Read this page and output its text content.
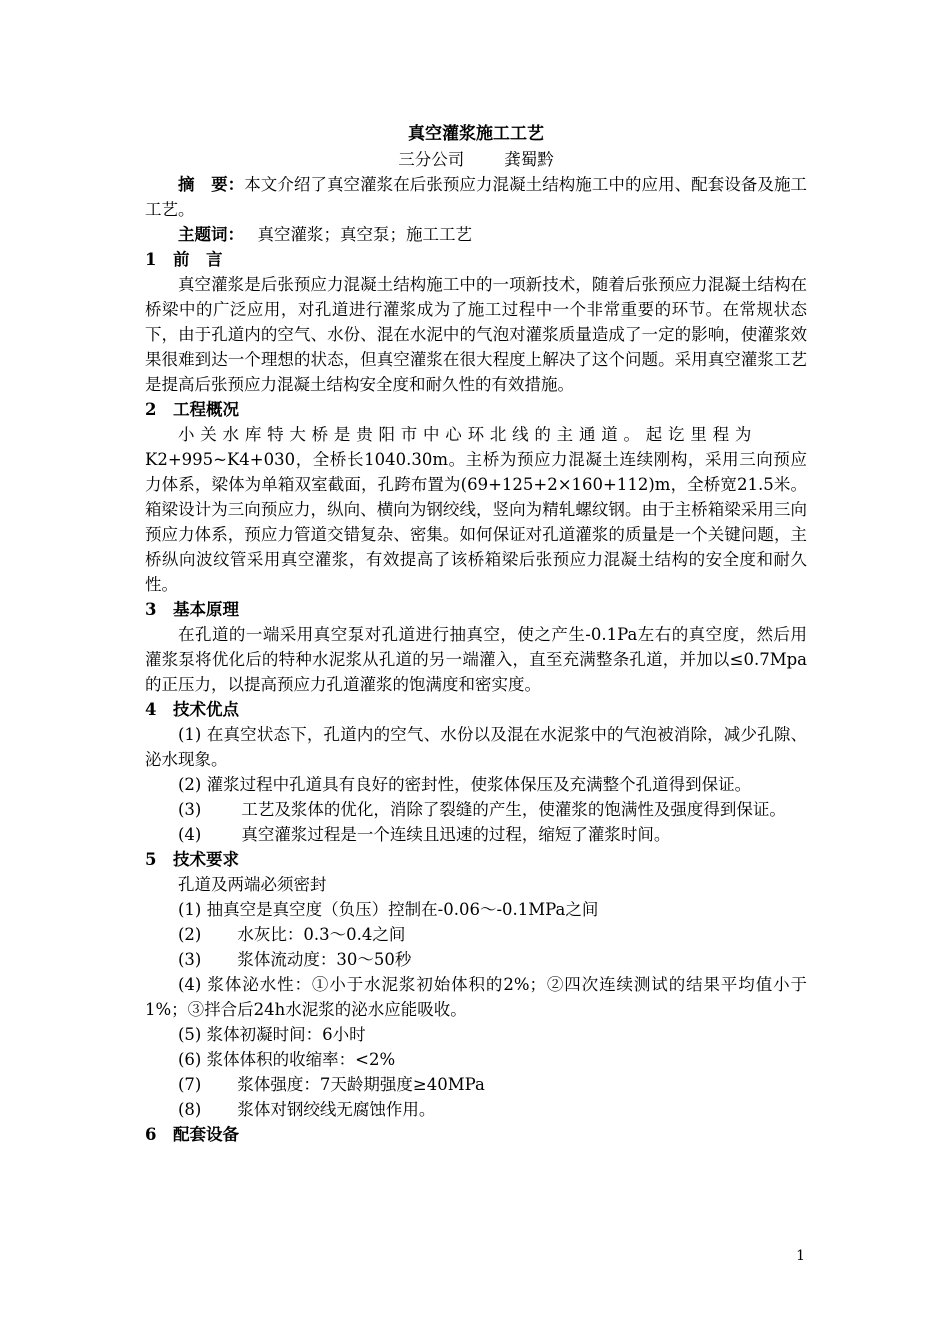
真空灌浆施工工艺
三分公司 龚蜀黔

摘　要：本文介绍了真空灌浆在后张预应力混凝土结构施工中的应用、配套设备及施工工艺。

主题词：　 真空灌浆；真空泵；施工工艺

1 前　言

真空灌浆是后张预应力混凝土结构施工中的一项新技术，随着后张预应力混凝土结构在桥梁中的广泛应用，对孔道进行灌浆成为了施工过程中一个非常重要的环节。在常规状态下，由于孔道内的空气、水份、混在水泥中的气泡对灌浆质量造成了一定的影响，使灌浆效果很难到达一个理想的状态，但真空灌浆在很大程度上解决了这个问题。采用真空灌浆工艺是提高后张预应力混凝土结构安全度和耐久性的有效措施。

2 工程概况

小关水库特大桥是贵阳市中心环北线的主通道。起讫里程为

K2+995~K4+030，全桥长1040.30m。主桥为预应力混凝土连续刚构，采用三向预应力体系，梁体为单箱双室截面，孔跨布置为(69+125+2×160+112)m，全桥宽21.5米。箱梁设计为三向预应力，纵向、横向为钢绞线，竖向为精轧螺纹钢。由于主桥箱梁采用三向预应力体系，预应力管道交错复杂、密集。如何保证对孔道灌浆的质量是一个关键问题，主桥纵向波纹管采用真空灌浆，有效提高了该桥箱梁后张预应力混凝土结构的安全度和耐久性。

3 基本原理

在孔道的一端采用真空泵对孔道进行抽真空，使之产生-0.1Pa左右的真空度，然后用灌浆泵将优化后的特种水泥浆从孔道的另一端灌入，直至充满整条孔道，并加以≤0.7Mpa的正压力，以提高预应力孔道灌浆的饱满度和密实度。

4 技术优点

(1) 在真空状态下，孔道内的空气、水份以及混在水泥浆中的气泡被消除，减少孔隙、泌水现象。

(2) 灌浆过程中孔道具有良好的密封性，使浆体保压及充满整个孔道得到保证。

(3) 工艺及浆体的优化，消除了裂缝的产生，使灌浆的饱满性及强度得到保证。

(4) 真空灌浆过程是一个连续且迅速的过程，缩短了灌浆时间。

5 技术要求

孔道及两端必须密封

(1) 抽真空是真空度（负压）控制在-0.06～-0.1MPa之间

(2) 水灰比：0.3～0.4之间

(3) 浆体流动度：30～50秒

(4) 浆体泌水性：①小于水泥浆初始体积的2%；②四次连续测试的结果平均值小于1%；③拌合后24h水泥浆的泌水应能吸收。

(5) 浆体初凝时间：6小时

(6) 浆体体积的收缩率：<2%

(7) 浆体强度：7天龄期强度≥40MPa

(8) 浆体对钢绞线无腐蚀作用。

6 配套设备
1
